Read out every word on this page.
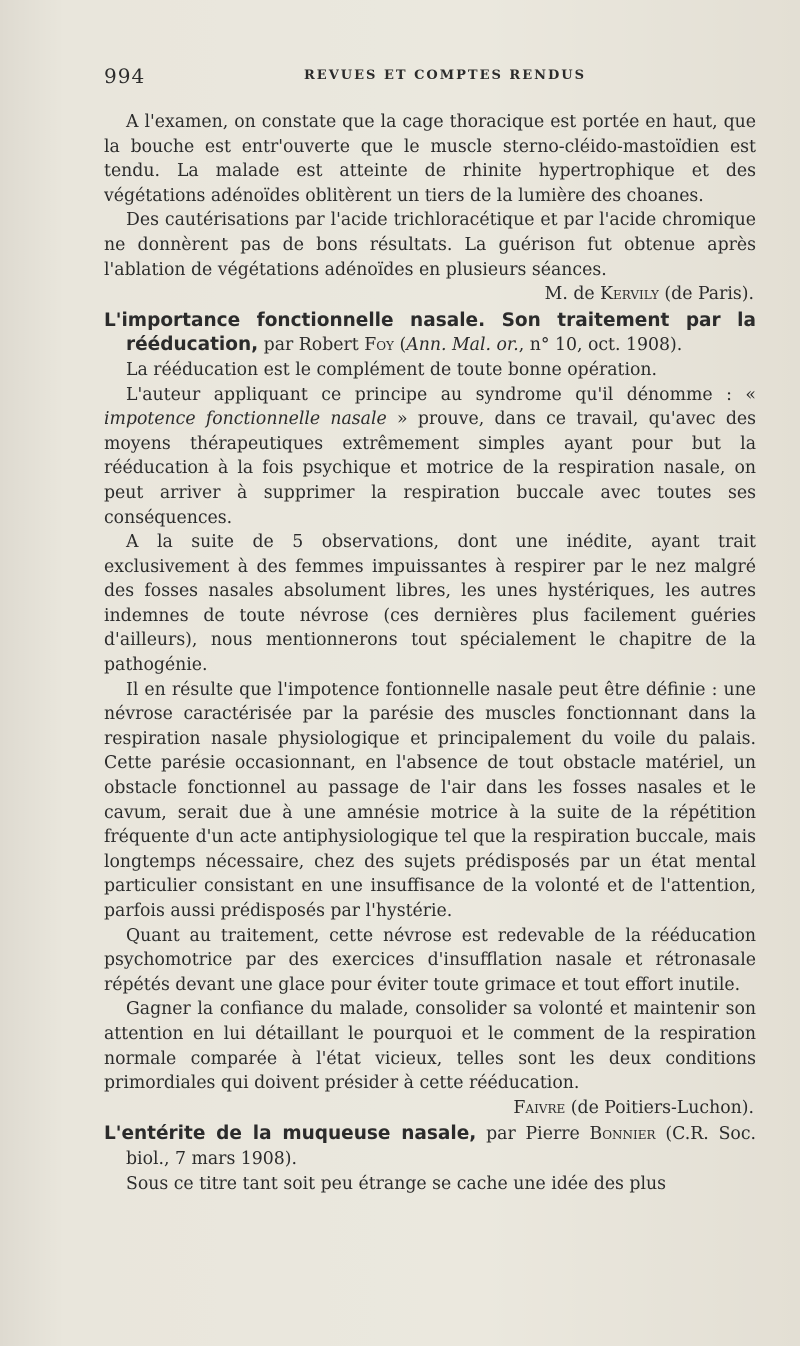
994	REVUES ET COMPTES RENDUS

A l'examen, on constate que la cage thoracique est portée en haut, que la bouche est entr'ouverte que le muscle sterno-cléido-mastoïdien est tendu. La malade est atteinte de rhinite hypertrophique et des végétations adénoïdes oblitèrent un tiers de la lumière des choanes.

Des cautérisations par l'acide trichloracétique et par l'acide chromique ne donnèrent pas de bons résultats. La guérison fut obtenue après l'ablation de végétations adénoïdes en plusieurs séances.

M. de Kervily (de Paris).

L'importance fonctionnelle nasale. Son traitement par la rééducation, par Robert Foy (Ann. Mal. or., n° 10, oct. 1908).

La rééducation est le complément de toute bonne opération.

L'auteur appliquant ce principe au syndrome qu'il dénomme : « impotence fonctionnelle nasale » prouve, dans ce travail, qu'avec des moyens thérapeutiques extrêmement simples ayant pour but la rééducation à la fois psychique et motrice de la respiration nasale, on peut arriver à supprimer la respiration buccale avec toutes ses conséquences.

A la suite de 5 observations, dont une inédite, ayant trait exclusivement à des femmes impuissantes à respirer par le nez malgré des fosses nasales absolument libres, les unes hystériques, les autres indemnes de toute névrose (ces dernières plus facilement guéries d'ailleurs), nous mentionnerons tout spécialement le chapitre de la pathogénie.

Il en résulte que l'impotence fontionnelle nasale peut être définie : une névrose caractérisée par la parésie des muscles fonctionnant dans la respiration nasale physiologique et principalement du voile du palais. Cette parésie occasionnant, en l'absence de tout obstacle matériel, un obstacle fonctionnel au passage de l'air dans les fosses nasales et le cavum, serait due à une amnésie motrice à la suite de la répétition fréquente d'un acte antiphysiologique tel que la respiration buccale, mais longtemps nécessaire, chez des sujets prédisposés par un état mental particulier consistant en une insuffisance de la volonté et de l'attention, parfois aussi prédisposés par l'hystérie.

Quant au traitement, cette névrose est redevable de la rééducation psychomotrice par des exercices d'insufflation nasale et rétronasale répétés devant une glace pour éviter toute grimace et tout effort inutile.

Gagner la confiance du malade, consolider sa volonté et maintenir son attention en lui détaillant le pourquoi et le comment de la respiration normale comparée à l'état vicieux, telles sont les deux conditions primordiales qui doivent présider à cette rééducation.

Faivre (de Poitiers-Luchon).

L'entérite de la muqueuse nasale, par Pierre Bonnier (C.R. Soc. biol., 7 mars 1908).

Sous ce titre tant soit peu étrange se cache une idée des plus
